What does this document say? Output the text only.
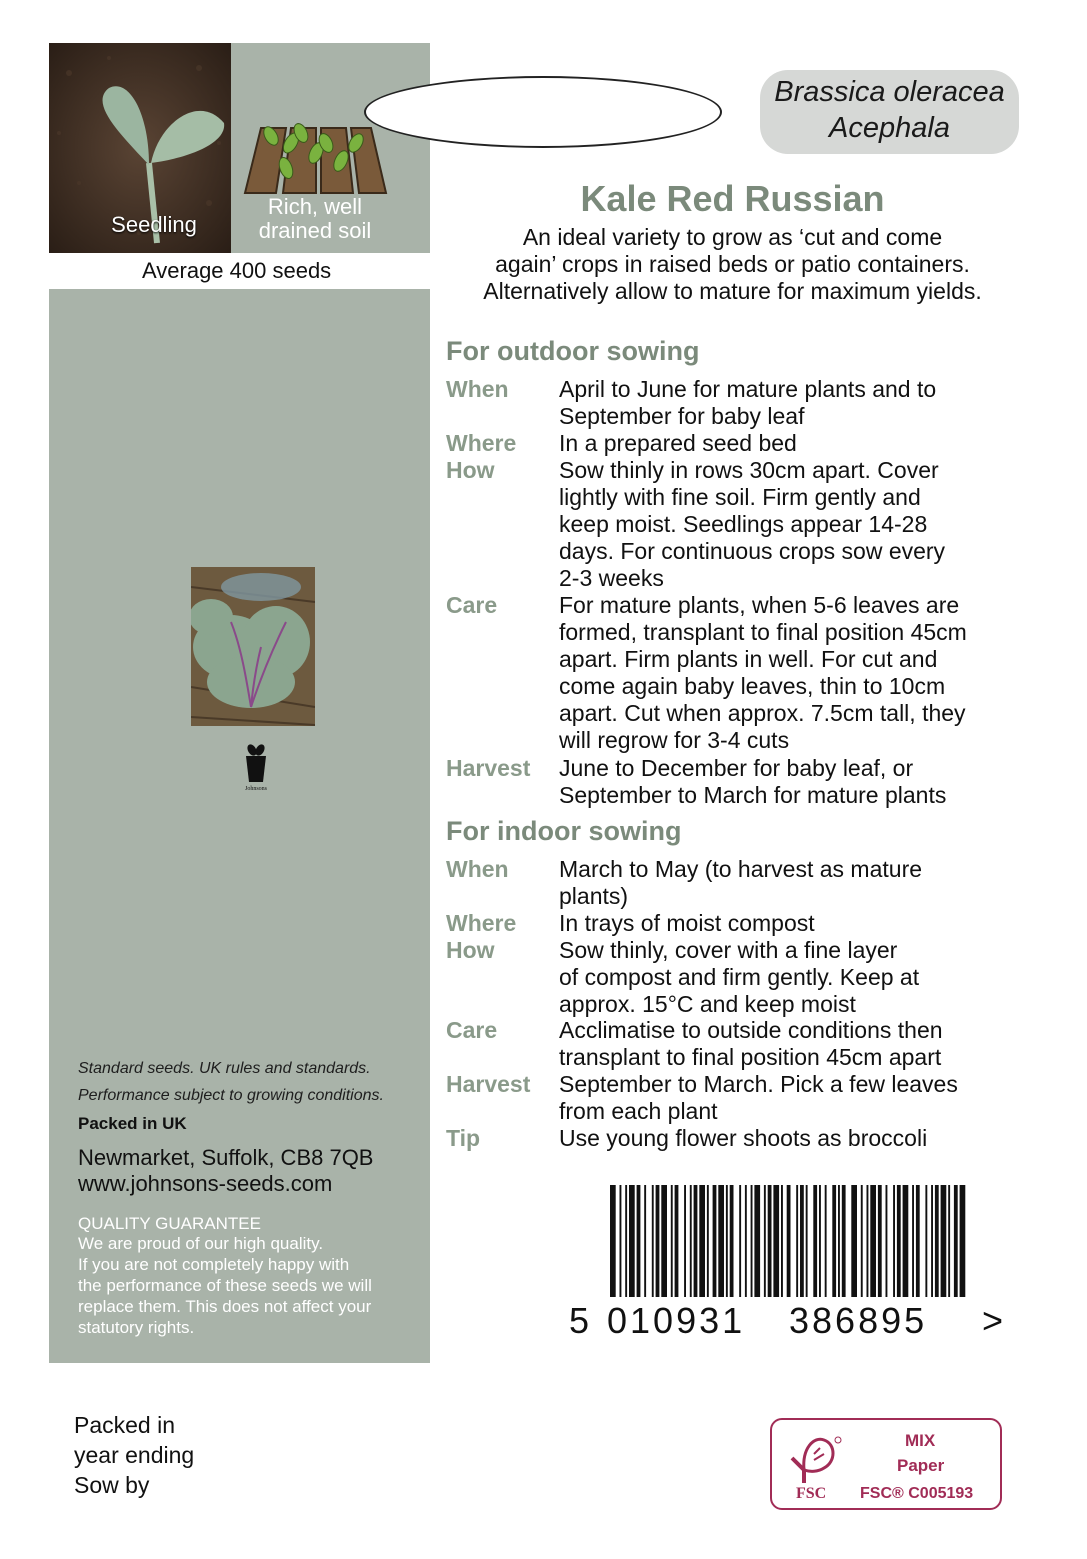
Seedling
Rich, well
drained soil
Average 400 seeds
Johnsons
Standard seeds. UK rules and standards.
Performance subject to growing conditions.
Packed in UK
Newmarket, Suffolk, CB8 7QB
www.johnsons-seeds.com
QUALITY GUARANTEE
We are proud of our high quality.
If you are not completely happy with
the performance of these seeds we will
replace them. This does not affect your
statutory rights.
Packed in
year ending
Sow by
Brassica oleracea
Acephala
Kale Red Russian
An ideal variety to grow as ‘cut and come
again’ crops in raised beds or patio containers.
Alternatively allow to mature for maximum yields.
For outdoor sowing
When April to June for mature plants and to
September for baby leaf
Where In a prepared seed bed
How	Sow thinly in rows 30cm apart. Cover
lightly with fine soil. Firm gently and
keep moist. Seedlings appear 14-28
days. For continuous crops sow every
2-3 weeks
Care	For mature plants, when 5-6 leaves are
formed, transplant to final position 45cm
apart. Firm plants in well. For cut and
come again baby leaves, thin to 10cm
apart. Cut when approx. 7.5cm tall, they
will regrow for 3-4 cuts
Harvest June to December for baby leaf, or
September to March for mature plants
For indoor sowing
When March to May (to harvest as mature
plants)
Where In trays of moist compost
How	Sow thinly, cover with a fine layer
of compost and firm gently. Keep at
approx. 15°C and keep moist
Care	Acclimatise to outside conditions then
transplant to final position 45cm apart
Harvest September to March. Pick a few leaves
from each plant
Tip	Use young flower shoots as broccoli
5 010931 386895 >
FSC
MIX
Paper
FSC® C005193
